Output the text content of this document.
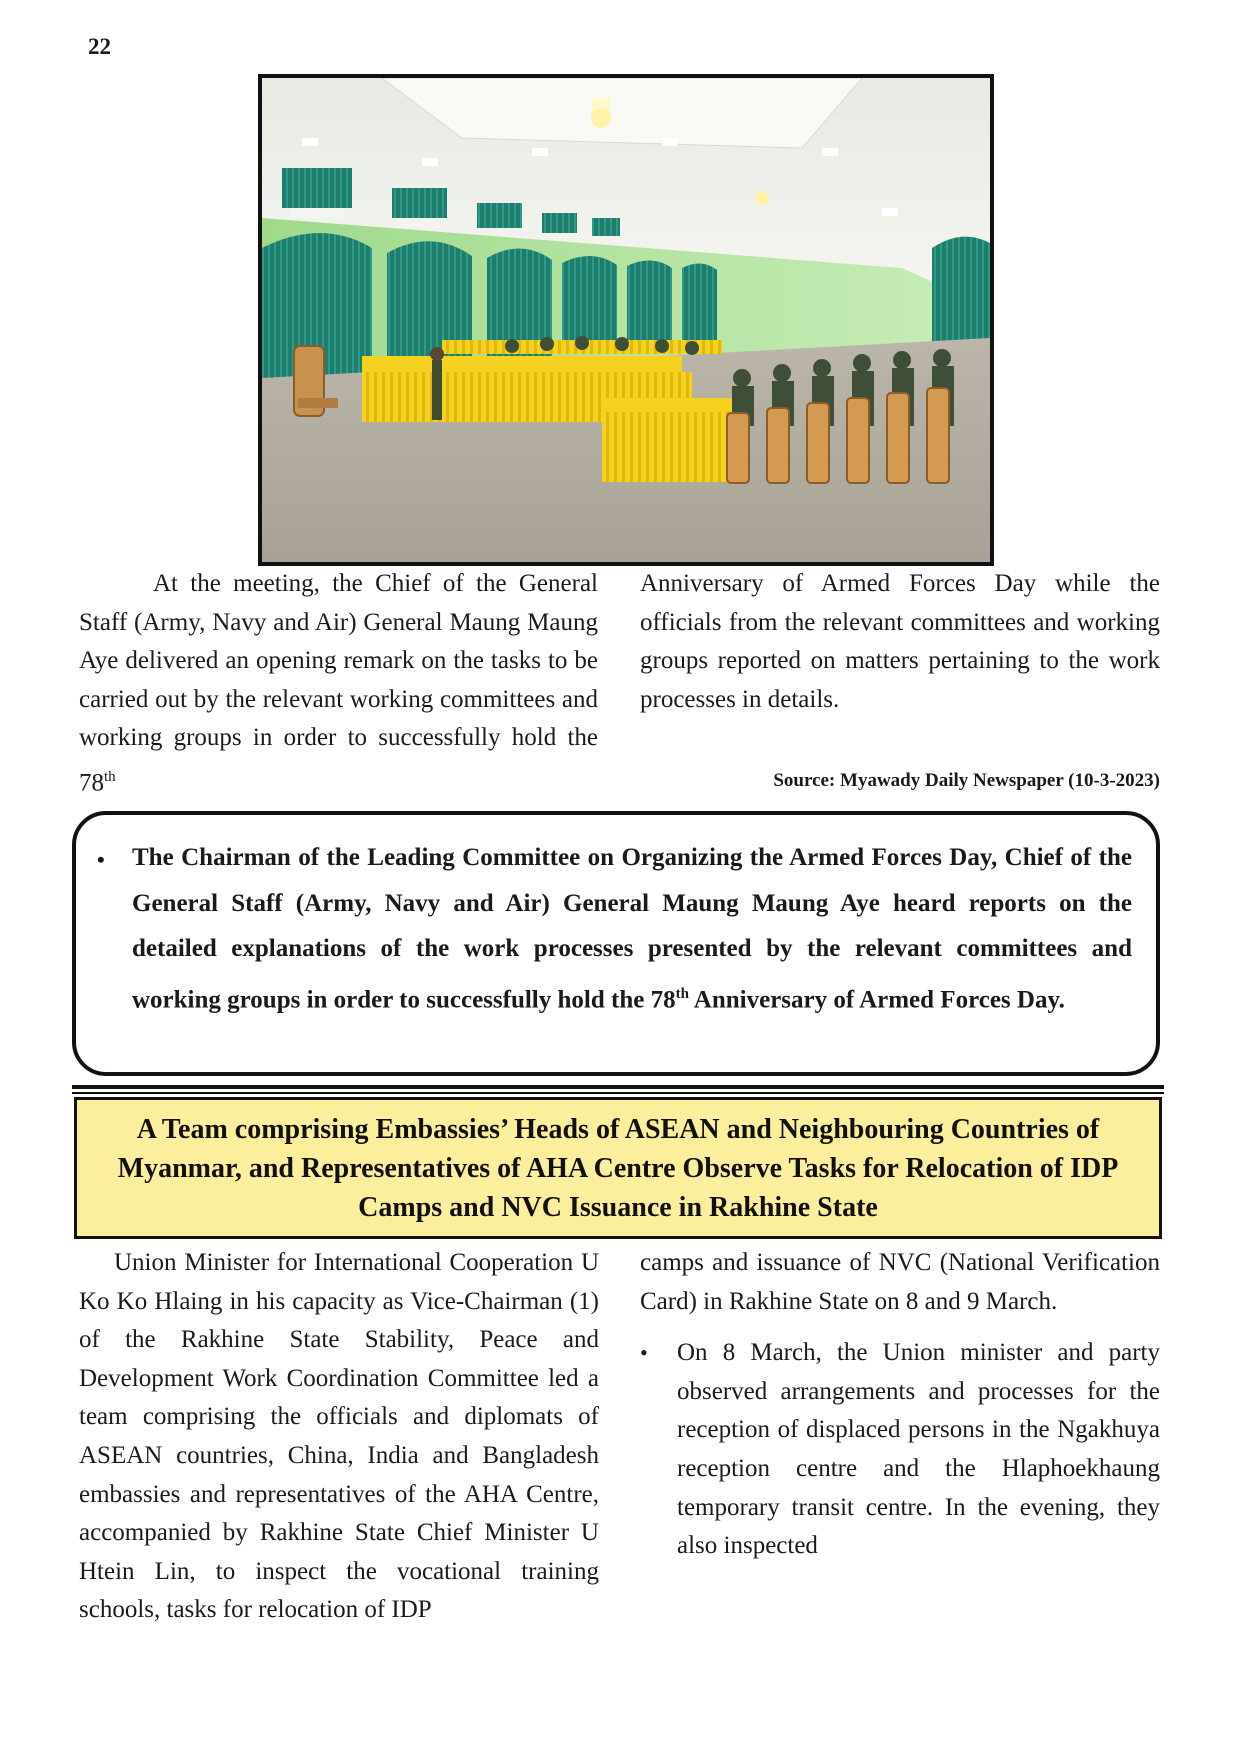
22

At the meeting, the Chief of the General Staff (Army, Navy and Air) General Maung Maung Aye delivered an opening remark on the tasks to be carried out by the relevant working committees and working groups in order to successfully hold the 78th

Anniversary of Armed Forces Day while the officials from the relevant committees and working groups reported on matters pertaining to the work processes in details.

Source: Myawady Daily Newspaper (10-3-2023)
• The Chairman of the Leading Committee on Organizing the Armed Forces Day, Chief of the General Staff (Army, Navy and Air) General Maung Maung Aye heard reports on the detailed explanations of the work processes presented by the relevant committees and working groups in order to successfully hold the 78th Anniversary of Armed Forces Day.
A Team comprising Embassies’ Heads of ASEAN and Neighbouring Countries of Myanmar, and Representatives of AHA Centre Observe Tasks for Relocation of IDP Camps and NVC Issuance in Rakhine State

Union Minister for International Cooperation U Ko Ko Hlaing in his capacity as Vice-Chairman (1) of the Rakhine State Stability, Peace and Development Work Coordination Committee led a team comprising the officials and diplomats of ASEAN countries, China, India and Bangladesh embassies and representatives of the AHA Centre, accompanied by Rakhine State Chief Minister U Htein Lin, to inspect the vocational training schools, tasks for relocation of IDP

camps and issuance of NVC (National Verification Card) in Rakhine State on 8 and 9 March.

• On 8 March, the Union minister and party observed arrangements and processes for the reception of displaced persons in the Ngakhuya reception centre and the Hlaphoekhaung temporary transit centre. In the evening, they also inspected
